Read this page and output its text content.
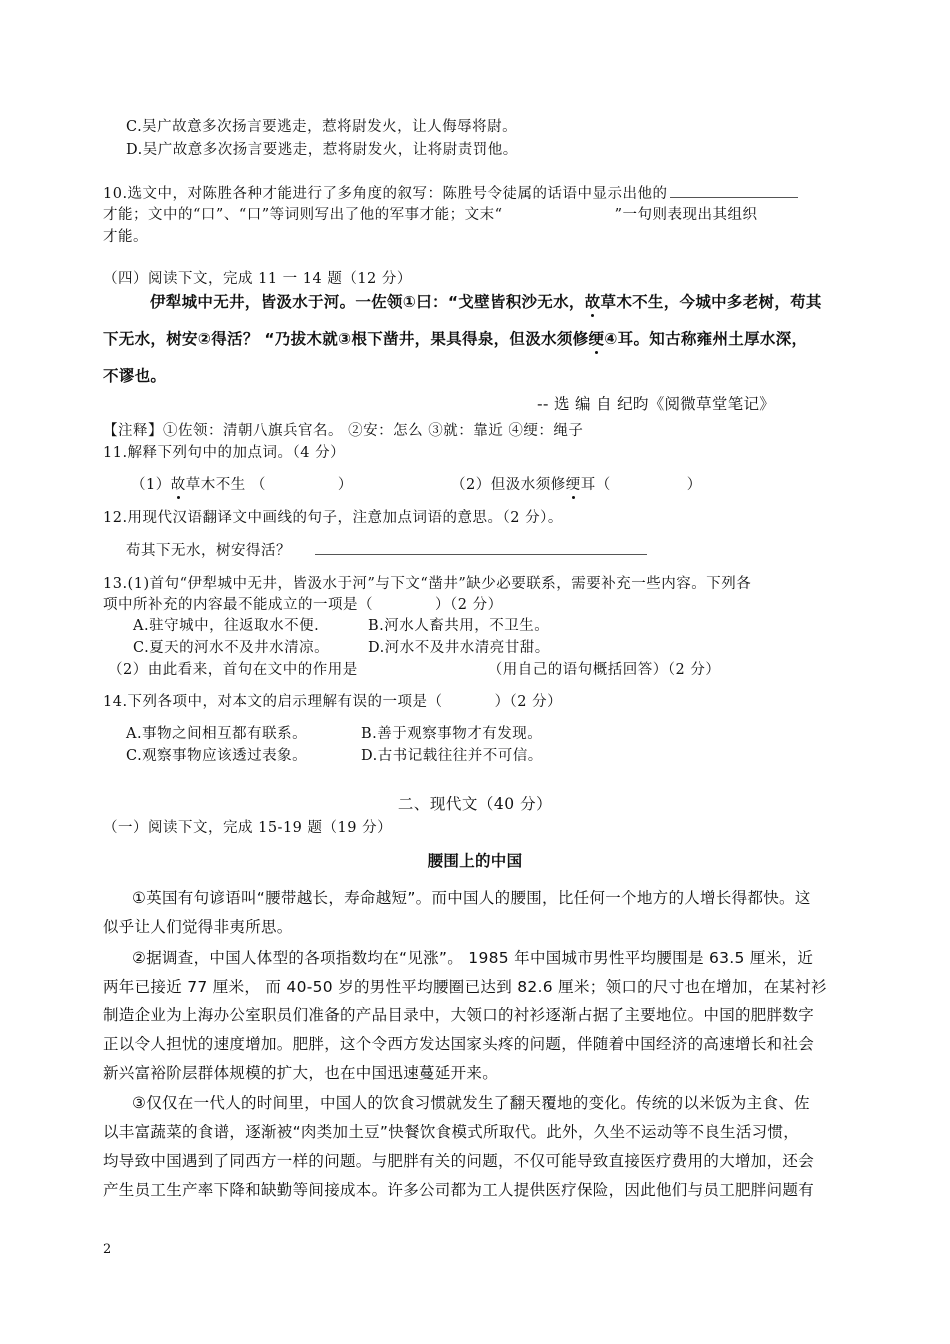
C.吴广故意多次扬言要逃走，惹将尉发火，让人侮辱将尉。
D.吴广故意多次扬言要逃走，惹将尉发火，让将尉责罚他。
10.选文中，对陈胜各种才能进行了多角度的叙写：陈胜号令徒属的话语中显示出他的
才能；文中的“口”、“口”等词则写出了他的军事才能；文末“	”一句则表现出其组织
才能。
（四）阅读下文，完成 11 一 14 题（12 分）
伊犁城中无井，皆汲水于河。一佐领①曰：“戈壁皆积沙无水，故草木不生，今城中多老树，苟其
下无水，树安②得活？ “乃拔木就③根下凿井，果具得泉，但汲水须修绠④耳。知古称雍州土厚水深，
不谬也。
-- 选 编 自 纪昀《阅微草堂笔记》
【注释】①佐领：清朝八旗兵官名。 ②安：怎么 ③就：靠近 ④绠：绳子
11.解释下列句中的加点词。（4 分）
（1）故草木不生 （	）	（2）但汲水须修绠耳（	）
12.用现代汉语翻译文中画线的句子，注意加点词语的意思。（2 分）。
苟其下无水，树安得活？
13.(1)首句“伊犁城中无井，皆汲水于河”与下文“凿井”缺少必要联系，需要补充一些内容。下列各
项中所补充的内容最不能成立的一项是（	）（2 分）
A.驻守城中，往返取水不便.	B.河水人畜共用，不卫生。
C.夏天的河水不及井水清凉。	D.河水不及井水清亮甘甜。
（2）由此看来，首句在文中的作用是	（用自己的语句概括回答）（2 分）
14.下列各项中，对本文的启示理解有误的一项是（	）（2 分）
A.事物之间相互都有联系。	B.善于观察事物才有发现。
C.观察事物应该透过表象。	D.古书记载往往并不可信。
二、现代文（40 分）
（一）阅读下文，完成 15-19 题（19 分）
腰围上的中国
①英国有句谚语叫“腰带越长，寿命越短”。而中国人的腰围，比任何一个地方的人增长得都快。这
似乎让人们觉得非夷所思。
②据调查，中国人体型的各项指数均在“见涨”。 1985 年中国城市男性平均腰围是 63.5 厘米，近
两年已接近 77 厘米， 而 40-50 岁的男性平均腰圈已达到 82.6 厘米；领口的尺寸也在增加，在某衬衫
制造企业为上海办公室职员们准备的产品目录中，大领口的衬衫逐渐占据了主要地位。中国的肥胖数字
正以令人担忧的速度增加。肥胖，这个令西方发达国家头疼的问题，伴随着中国经济的高速增长和社会
新兴富裕阶层群体规模的扩大，也在中国迅速蔓延开来。
③仅仅在一代人的时间里，中国人的饮食习惯就发生了翻天覆地的变化。传统的以米饭为主食、佐
以丰富蔬菜的食谱，逐渐被“肉类加土豆”快餐饮食模式所取代。此外，久坐不运动等不良生活习惯，
均导致中国遇到了同西方一样的问题。与肥胖有关的问题，不仅可能导致直接医疗费用的大增加，还会
产生员工生产率下降和缺勤等间接成本。许多公司都为工人提供医疗保险，因此他们与员工肥胖问题有
2
